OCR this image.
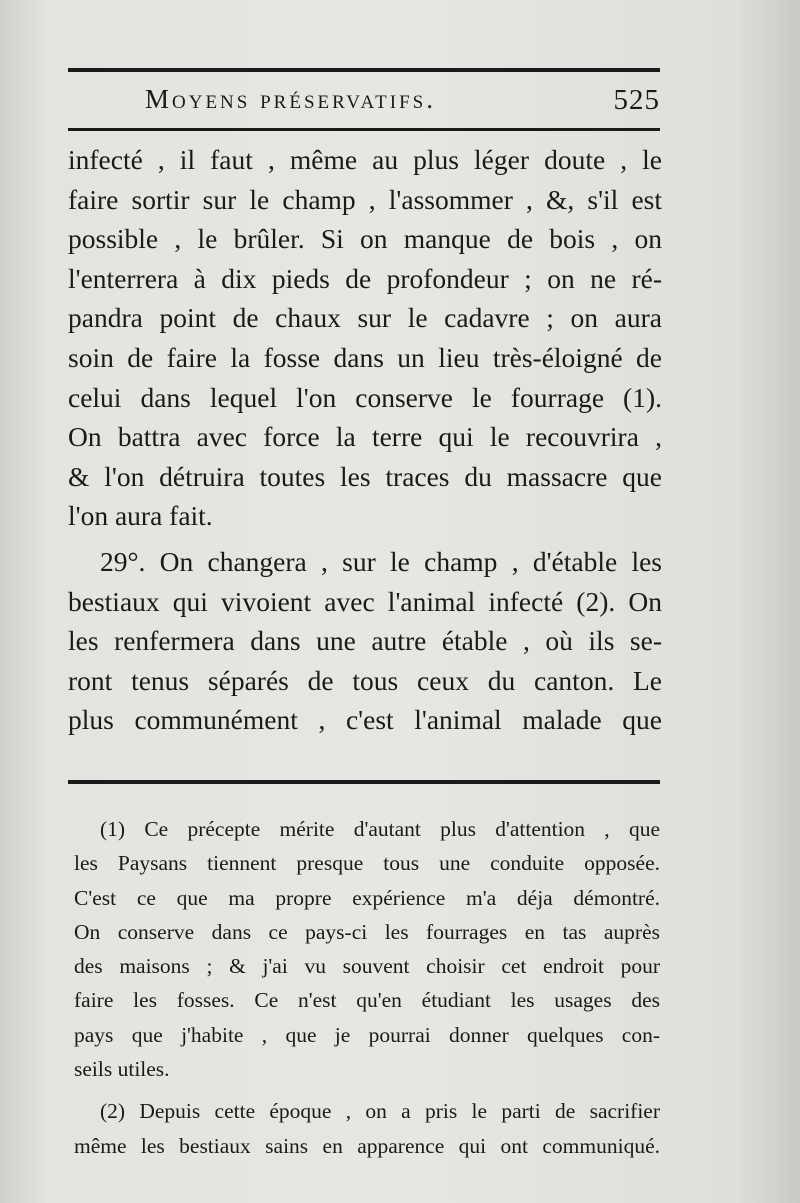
Moyens préservatifs.	525

infecté , il faut , même au plus léger doute , le

faire sortir sur le champ , l'assommer , &, s'il est

possible , le brûler. Si on manque de bois , on

l'enterrera à dix pieds de profondeur ; on ne ré-

pandra point de chaux sur le cadavre ; on aura

soin de faire la fosse dans un lieu très-éloigné de

celui dans lequel l'on conserve le fourrage (1).

On battra avec force la terre qui le recouvrira ,

& l'on détruira toutes les traces du massacre que

l'on aura fait.

29°. On changera , sur le champ , d'étable les

bestiaux qui vivoient avec l'animal infecté (2). On

les renfermera dans une autre étable , où ils se-

ront tenus séparés de tous ceux du canton. Le

plus communément , c'est l'animal malade que

(1) Ce précepte mérite d'autant plus d'attention , que

les Paysans tiennent presque tous une conduite opposée.

C'est ce que ma propre expérience m'a déja démontré.

On conserve dans ce pays-ci les fourrages en tas auprès

des maisons ; & j'ai vu souvent choisir cet endroit pour

faire les fosses. Ce n'est qu'en étudiant les usages des

pays que j'habite , que je pourrai donner quelques con-

seils utiles.

(2) Depuis cette époque , on a pris le parti de sacrifier

même les bestiaux sains en apparence qui ont communiqué.
